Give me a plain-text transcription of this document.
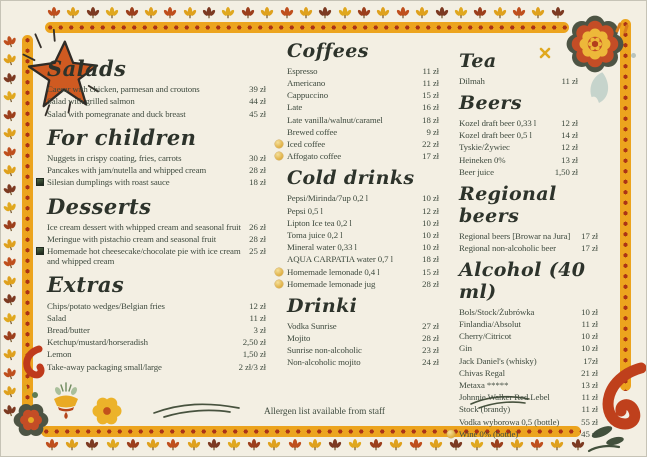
Salads
Caesar with chicken, parmesan and croutons	39 zł
Salad with grilled salmon	44 zł
Salad with pomegranate and duck breast	45 zł
For children
Nuggets in crispy coating, fries, carrots	30 zł
Pancakes with jam/nutella and whipped cream	28 zł
Silesian dumplings with roast sauce	18 zł
Desserts
Ice cream dessert with whipped cream and seasonal fruit 26 zł
Meringue with pistachio cream and seasonal fruit	28 zł
Homemade hot cheesecake/chocolate pie with ice cream and whipped cream
25 zł
Extras
Chips/potato wedges/Belgian fries	12 zł
Salad	11 zł
Bread/butter	3 zł
Ketchup/mustard/horseradish	2,50 zł
Lemon	1,50 zł
Take-away packaging small/large	2 zł/3 zł
Coffees
Espresso	11 zł
Americano	11 zł
Cappuccino	15 zł
Late	16 zł
Late vanilla/walnut/caramel	18 zł
Brewed coffee	9 zł
Iced coffee	22 zł
Affogato coffee	17 zł
Cold drinks
Pepsi/Mirinda/7up 0,2 l	10 zł
Pepsi 0,5 l	12 zł
Lipton Ice tea 0,2 l	10 zł
Toma juice 0,2 l	10 zł
Mineral water 0,33 l	10 zł
AQUA CARPATIA water 0,7 l	18 zł
Homemade lemonade 0,4 l	15 zł
Homemade lemonade jug	28 zł
Drinki
Vodka Sunrise	27 zł
Mojito	28 zł
Sunrise non-alcoholic	23 zł
Non-alcoholic mojito	24 zł
Tea
Dilmah	11 zł
Beers
Kozel draft beer 0,33 l	12 zł
Kozel draft beer 0,5 l	14 zł
Tyskie/Żywiec	12 zł
Heineken 0%	13 zł
Beer juice	1,50 zł
Regional beers
Regional beers [Browar na Jura]	17 zł
Regional non-alcoholic beer	17 zł
Alcohol (40 ml)
Bols/Stock/Żubrówka	10 zł
Finlandia/Absolut	11 zł
Cherry/Citricot	10 zł
Gin	10 zł
Jack Daniel's (whisky)	17zł
Chivas Regal	21 zł
Metaxa *****	13 zł
Johnnie Walker Red Lebel	11 zł
Stock (brandy)	11 zł
Vodka wyborowa 0,5 (bottle)	55 zł
Wine 0% (bottle)	45 zł
Allergen list available from staff
